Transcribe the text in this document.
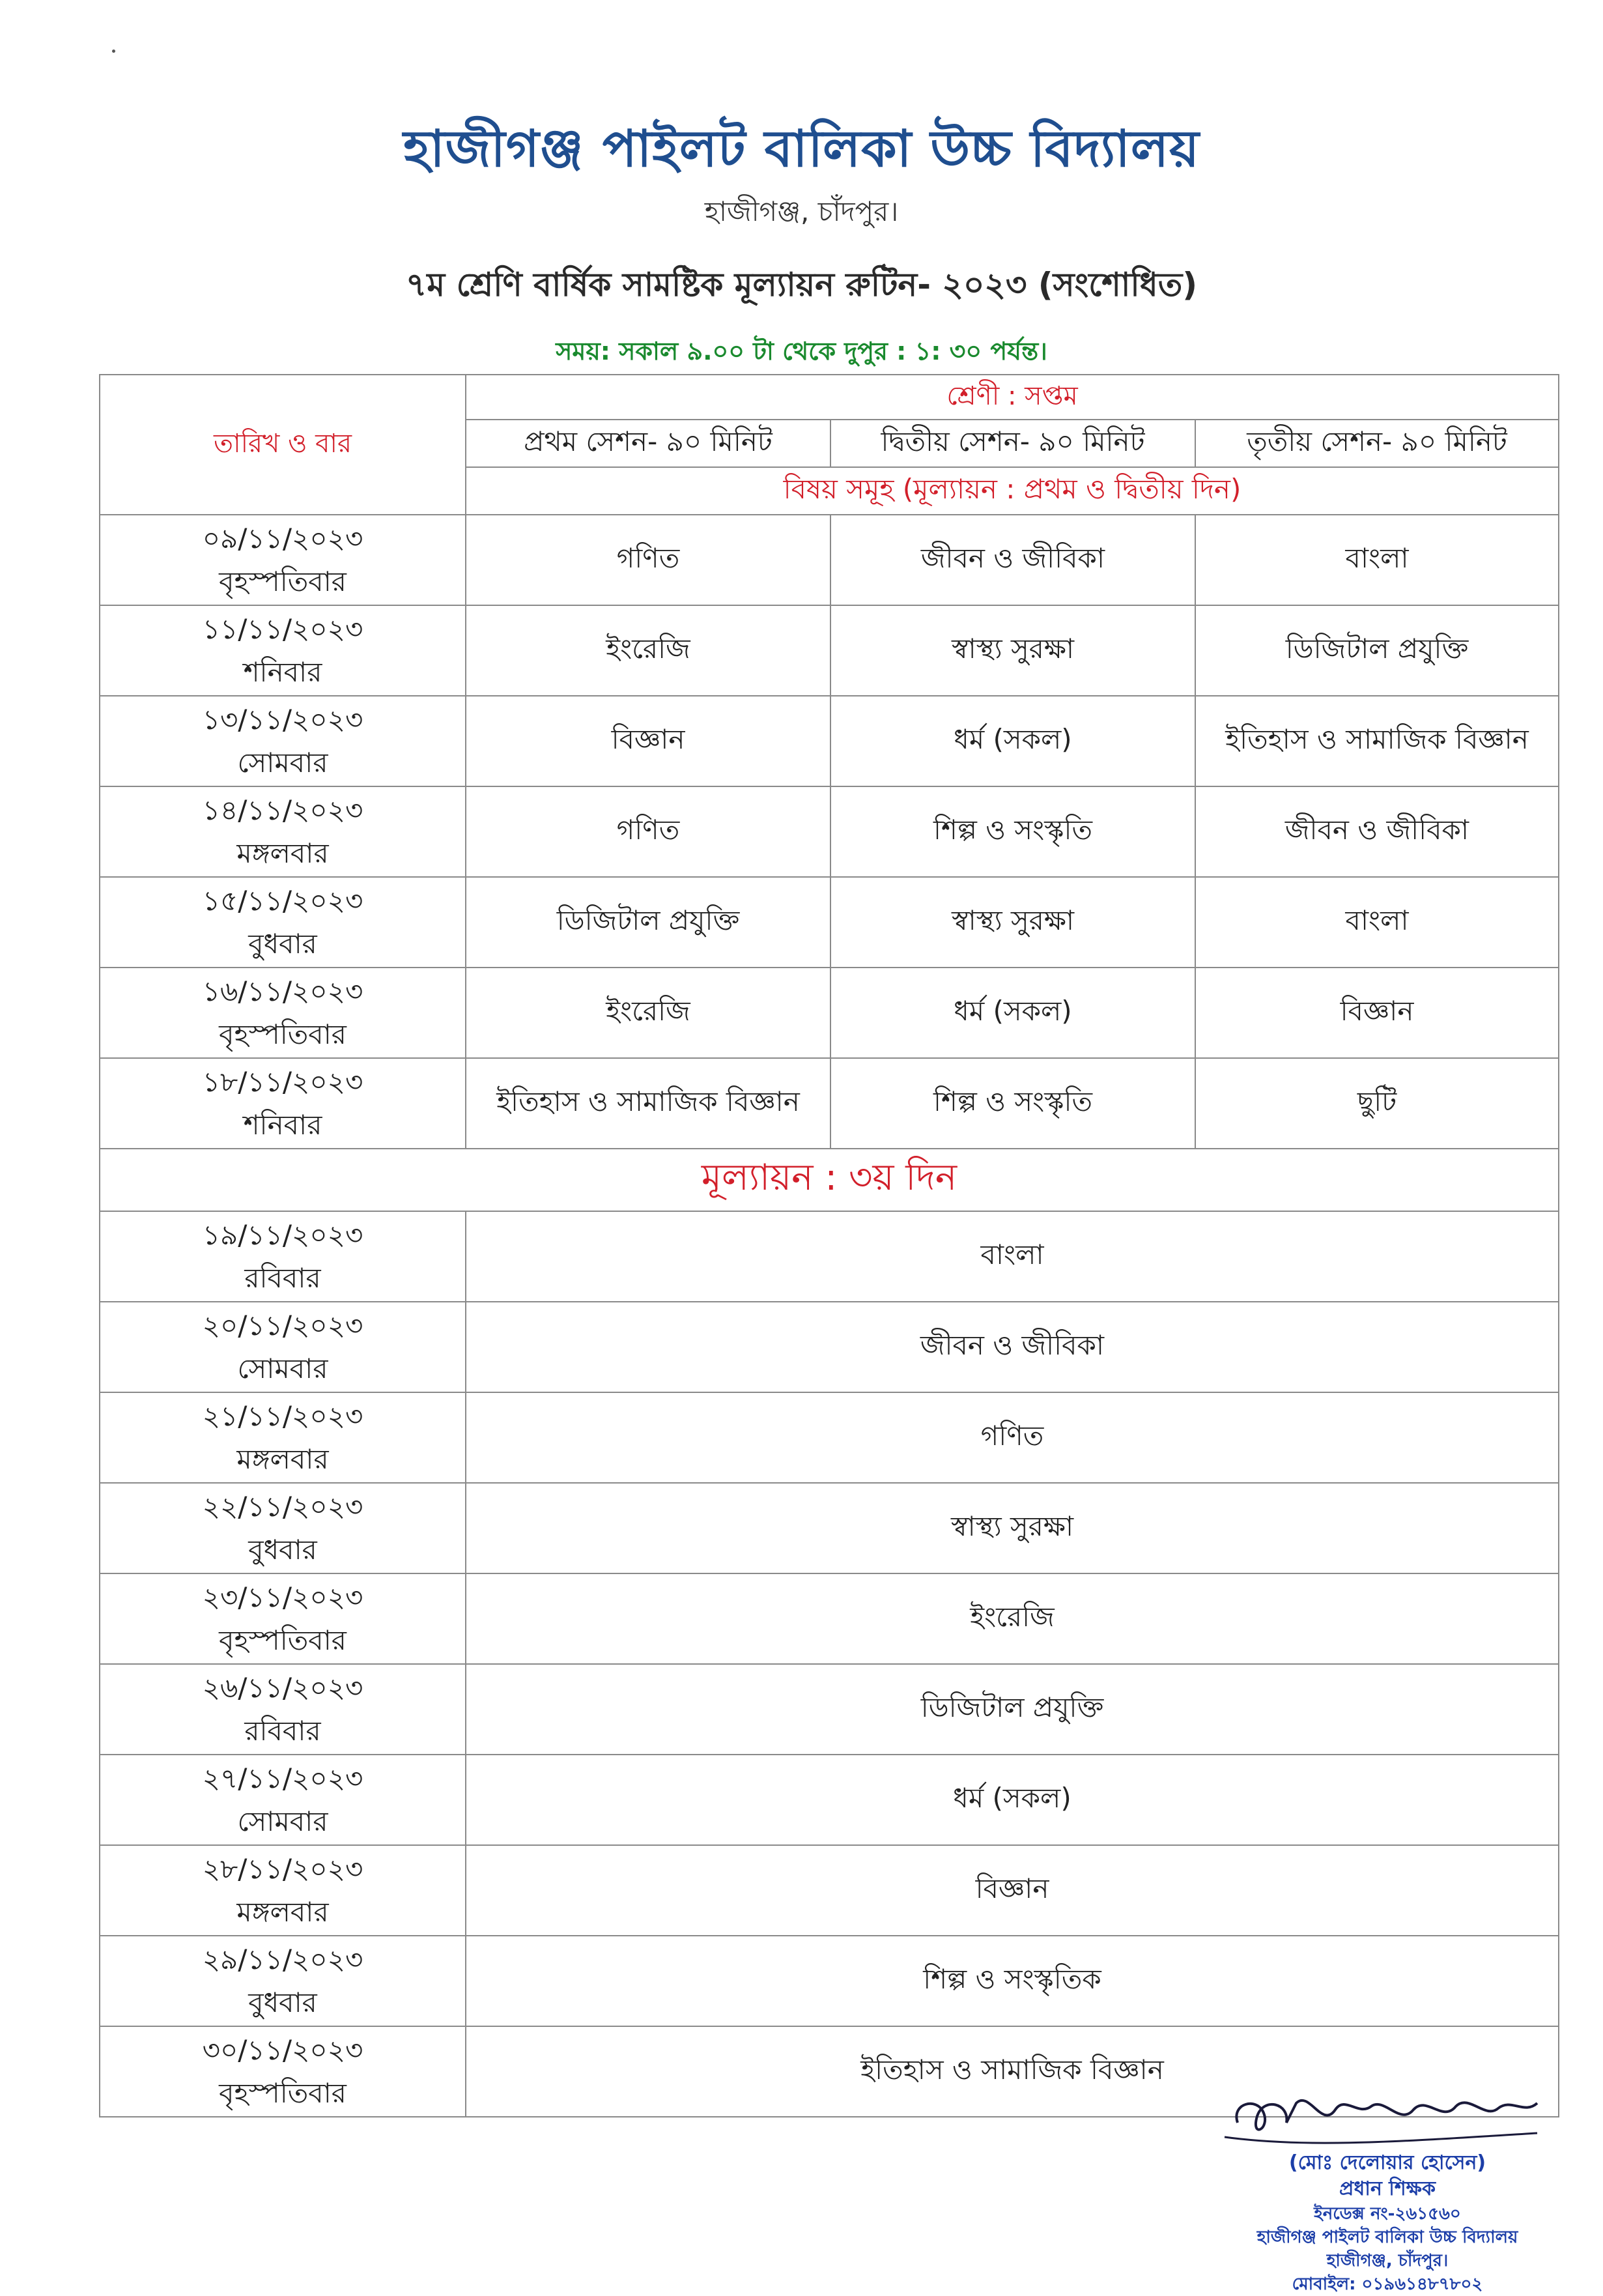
হাজীগঞ্জ পাইলট বালিকা উচ্চ বিদ্যালয়
হাজীগঞ্জ, চাঁদপুর।
৭ম শ্রেণি বার্ষিক সামষ্টিক মূল্যায়ন রুটিন- ২০২৩ (সংশোধিত)
সময়: সকাল ৯.০০ টা থেকে দুপুর : ১: ৩০ পর্যন্ত।
তারিখ ও বার	শ্রেণী : সপ্তম		
	প্রথম সেশন- ৯০ মিনিট	দ্বিতীয় সেশন- ৯০ মিনিট	তৃতীয় সেশন- ৯০ মিনিট
	বিষয় সমূহ (মূল্যায়ন : প্রথম ও দ্বিতীয় দিন)		

০৯/১১/২০২৩
বৃহস্পতিবার	গণিত	জীবন ও জীবিকা	বাংলা

১১/১১/২০২৩
শনিবার	ইংরেজি	স্বাস্থ্য সুরক্ষা	ডিজিটাল প্রযুক্তি

১৩/১১/২০২৩
সোমবার	বিজ্ঞান	ধর্ম (সকল)	ইতিহাস ও সামাজিক বিজ্ঞান

১৪/১১/২০২৩
মঙ্গলবার	গণিত	শিল্প ও সংস্কৃতি	জীবন ও জীবিকা

১৫/১১/২০২৩
বুধবার	ডিজিটাল প্রযুক্তি	স্বাস্থ্য সুরক্ষা	বাংলা

১৬/১১/২০২৩
বৃহস্পতিবার	ইংরেজি	ধর্ম (সকল)	বিজ্ঞান

১৮/১১/২০২৩
শনিবার	ইতিহাস ও সামাজিক বিজ্ঞান	শিল্প ও সংস্কৃতি	ছুটি
মূল্যায়ন : ৩য় দিন			

১৯/১১/২০২৩
রবিবার	বাংলা		

২০/১১/২০২৩
সোমবার	জীবন ও জীবিকা		

২১/১১/২০২৩
মঙ্গলবার	গণিত		

২২/১১/২০২৩
বুধবার	স্বাস্থ্য সুরক্ষা		

২৩/১১/২০২৩
বৃহস্পতিবার	ইংরেজি		

২৬/১১/২০২৩
রবিবার	ডিজিটাল প্রযুক্তি		

২৭/১১/২০২৩
সোমবার	ধর্ম (সকল)		

২৮/১১/২০২৩
মঙ্গলবার	বিজ্ঞান		

২৯/১১/২০২৩
বুধবার	শিল্প ও সংস্কৃতিক		

৩০/১১/২০২৩
বৃহস্পতিবার	ইতিহাস ও সামাজিক বিজ্ঞান		
(মোঃ দেলোয়ার হোসেন)
প্রধান শিক্ষক
ইনডেক্স নং-২৬১৫৬০
হাজীগঞ্জ পাইলট বালিকা উচ্চ বিদ্যালয়
হাজীগঞ্জ, চাঁদপুর।
মোবাইল: ০১৯৬১৪৮৭৮০২
